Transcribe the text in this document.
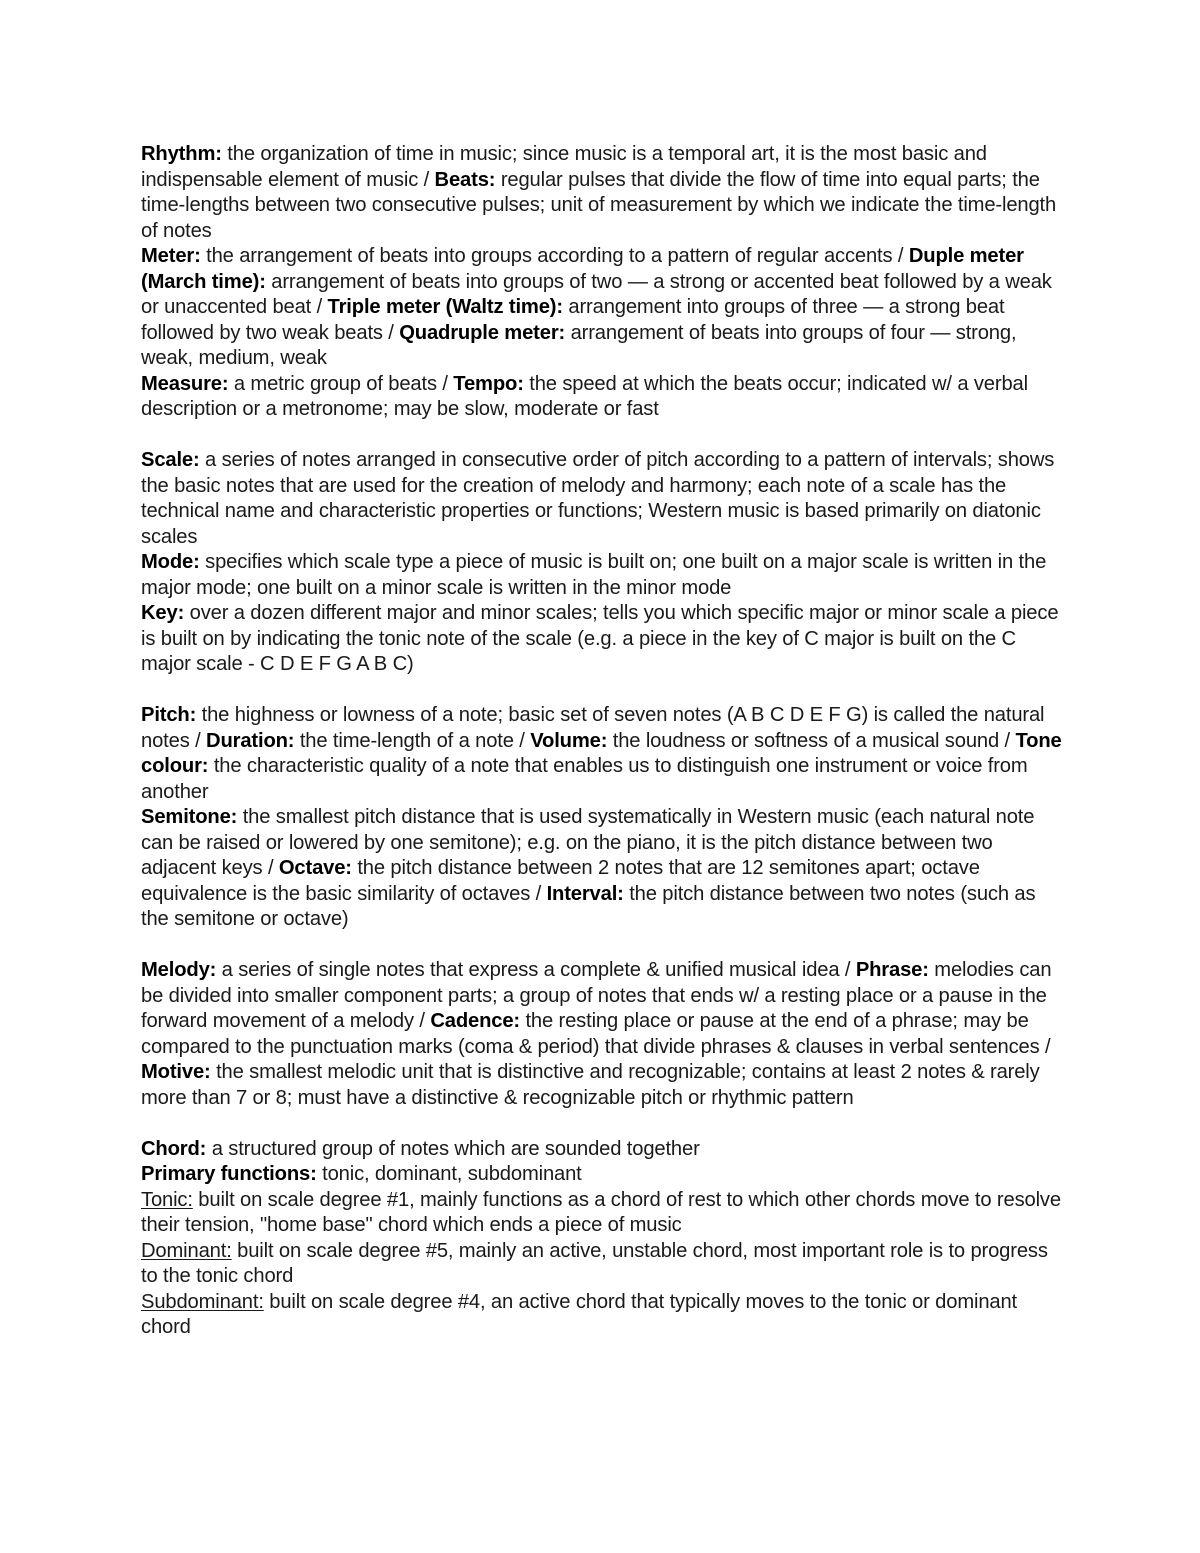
Rhythm: the organization of time in music; since music is a temporal art, it is the most basic and indispensable element of music / Beats: regular pulses that divide the flow of time into equal parts; the time-lengths between two consecutive pulses; unit of measurement by which we indicate the time-length of notes

Meter: the arrangement of beats into groups according to a pattern of regular accents / Duple meter (March time): arrangement of beats into groups of two — a strong or accented beat followed by a weak or unaccented beat / Triple meter (Waltz time): arrangement into groups of three — a strong beat followed by two weak beats / Quadruple meter: arrangement of beats into groups of four — strong, weak, medium, weak

Measure: a metric group of beats / Tempo: the speed at which the beats occur; indicated w/ a verbal description or a metronome; may be slow, moderate or fast

Scale: a series of notes arranged in consecutive order of pitch according to a pattern of intervals; shows the basic notes that are used for the creation of melody and harmony; each note of a scale has the technical name and characteristic properties or functions; Western music is based primarily on diatonic scales

Mode: specifies which scale type a piece of music is built on; one built on a major scale is written in the major mode; one built on a minor scale is written in the minor mode

Key: over a dozen different major and minor scales; tells you which specific major or minor scale a piece is built on by indicating the tonic note of the scale (e.g. a piece in the key of C major is built on the C major scale - C D E F G A B C)

Pitch: the highness or lowness of a note; basic set of seven notes (A B C D E F G) is called the natural notes / Duration: the time-length of a note / Volume: the loudness or softness of a musical sound / Tone colour: the characteristic quality of a note that enables us to distinguish one instrument or voice from another

Semitone: the smallest pitch distance that is used systematically in Western music (each natural note can be raised or lowered by one semitone); e.g. on the piano, it is the pitch distance between two adjacent keys / Octave: the pitch distance between 2 notes that are 12 semitones apart; octave equivalence is the basic similarity of octaves / Interval: the pitch distance between two notes (such as the semitone or octave)

Melody: a series of single notes that express a complete & unified musical idea / Phrase: melodies can be divided into smaller component parts; a group of notes that ends w/ a resting place or a pause in the forward movement of a melody / Cadence: the resting place or pause at the end of a phrase; may be compared to the punctuation marks (coma & period) that divide phrases & clauses in verbal sentences / Motive: the smallest melodic unit that is distinctive and recognizable; contains at least 2 notes & rarely more than 7 or 8; must have a distinctive & recognizable pitch or rhythmic pattern

Chord: a structured group of notes which are sounded together

Primary functions: tonic, dominant, subdominant

Tonic: built on scale degree #1, mainly functions as a chord of rest to which other chords move to resolve their tension, "home base" chord which ends a piece of music

Dominant: built on scale degree #5, mainly an active, unstable chord, most important role is to progress to the tonic chord

Subdominant: built on scale degree #4, an active chord that typically moves to the tonic or dominant chord
